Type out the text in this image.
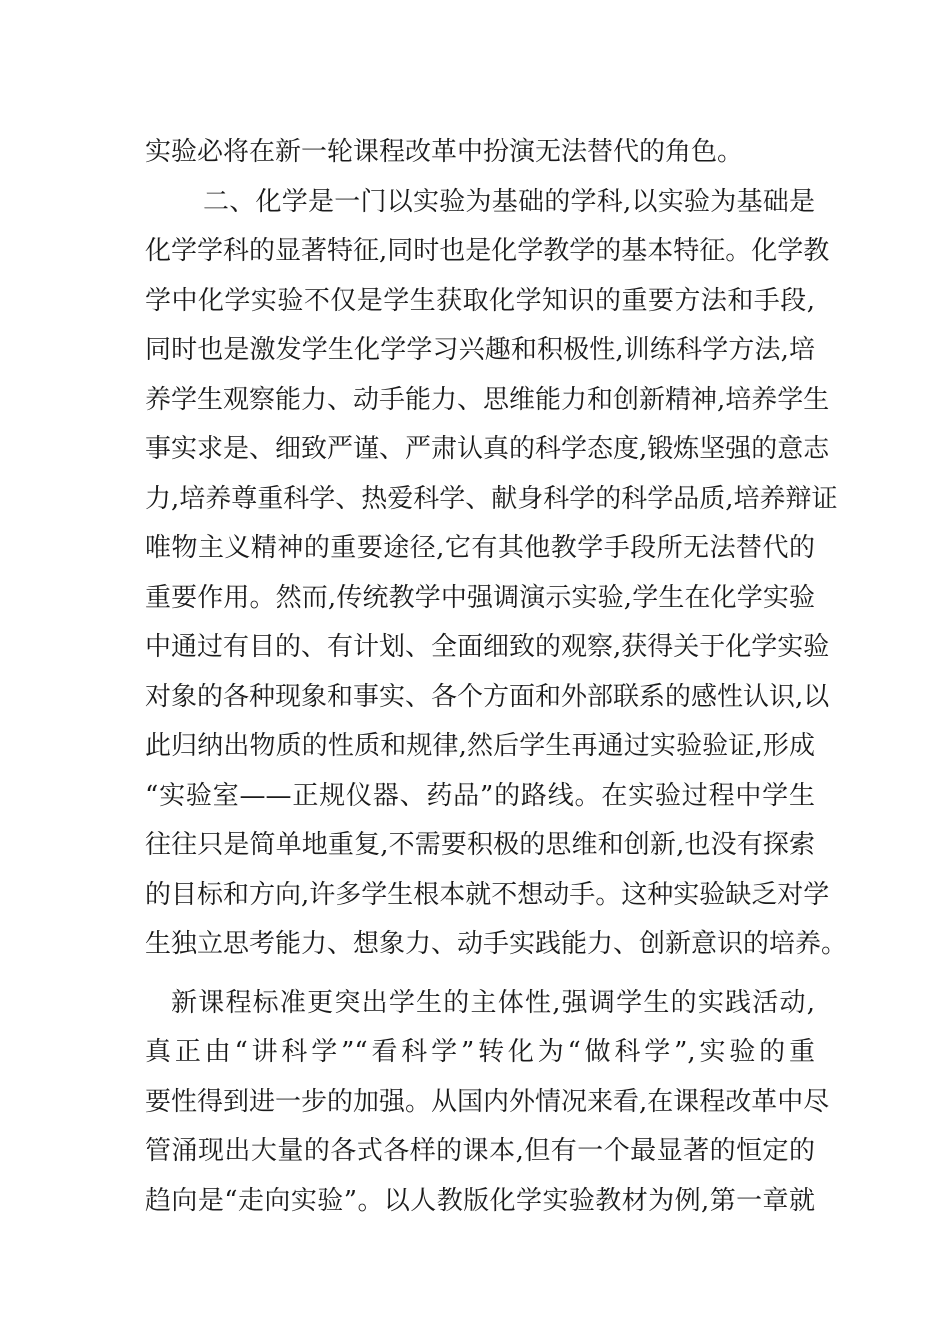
实验必将在新一轮课程改革中扮演无法替代的角色。
二、化学是一门以实验为基础的学科,以实验为基础是
化学学科的显著特征,同时也是化学教学的基本特征。化学教
学中化学实验不仅是学生获取化学知识的重要方法和手段,
同时也是激发学生化学学习兴趣和积极性,训练科学方法,培
养学生观察能力、动手能力、思维能力和创新精神,培养学生
事实求是、细致严谨、严肃认真的科学态度,锻炼坚强的意志
力,培养尊重科学、热爱科学、献身科学的科学品质,培养辩证
唯物主义精神的重要途径,它有其他教学手段所无法替代的
重要作用。然而,传统教学中强调演示实验,学生在化学实验
中通过有目的、有计划、全面细致的观察,获得关于化学实验
对象的各种现象和事实、各个方面和外部联系的感性认识,以
此归纳出物质的性质和规律,然后学生再通过实验验证,形成
“实验室——正规仪器、药品”的路线。在实验过程中学生
往往只是简单地重复,不需要积极的思维和创新,也没有探索
的目标和方向,许多学生根本就不想动手。这种实验缺乏对学
生独立思考能力、想象力、动手实践能力、创新意识的培养。
新课程标准更突出学生的主体性,强调学生的实践活动,
真正由“讲科学”“看科学”转化为“做科学”,实验的重
要性得到进一步的加强。从国内外情况来看,在课程改革中尽
管涌现出大量的各式各样的课本,但有一个最显著的恒定的
趋向是“走向实验”。以人教版化学实验教材为例,第一章就
